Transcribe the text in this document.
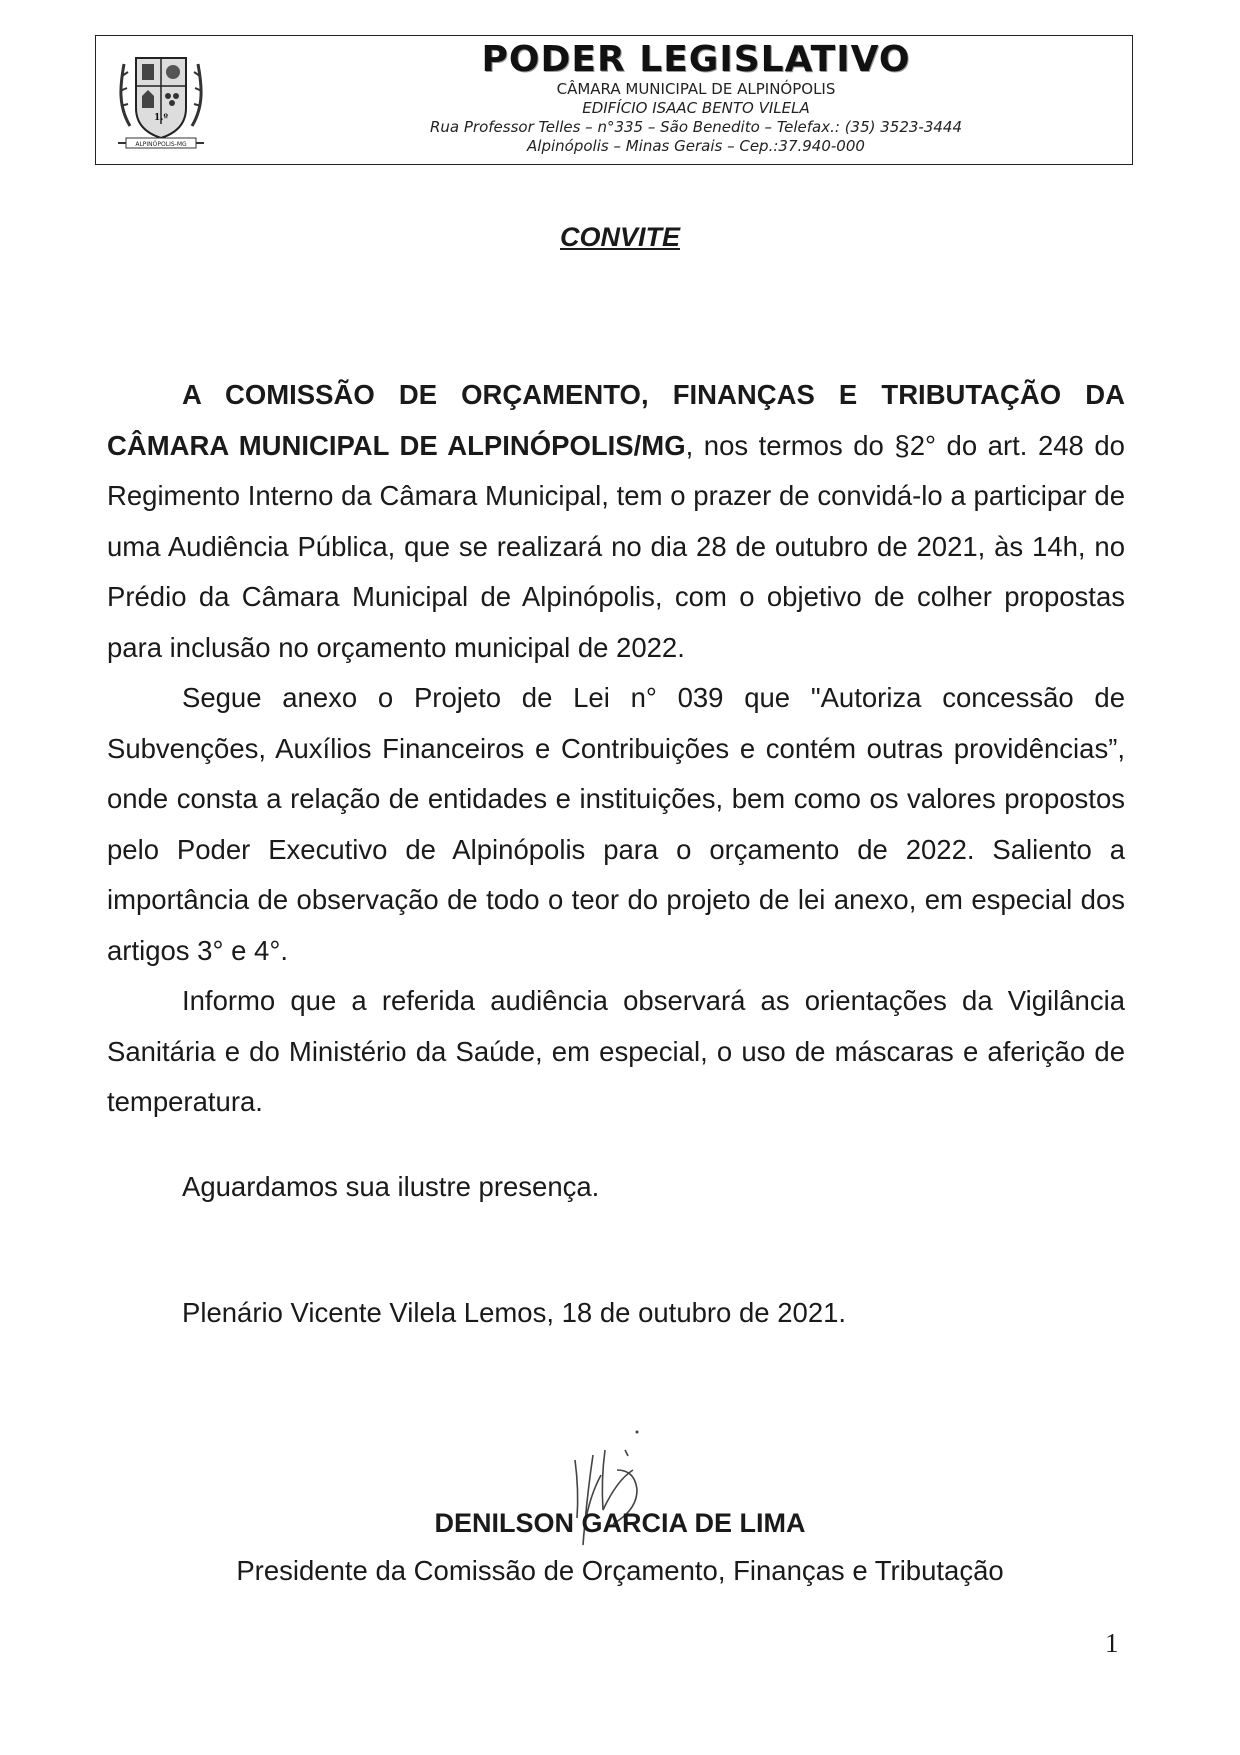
1.º
ALPINÓPOLIS-MG
PODER LEGISLATIVO
CÂMARA MUNICIPAL DE ALPINÓPOLIS
EDIFÍCIO ISAAC BENTO VILELA
Rua Professor Telles – n°335 – São Benedito – Telefax.: (35) 3523-3444
Alpinópolis – Minas Gerais – Cep.:37.940-000
CONVITE

A COMISSÃO DE ORÇAMENTO, FINANÇAS E TRIBUTAÇÃO DA CÂMARA MUNICIPAL DE ALPINÓPOLIS/MG, nos termos do §2° do art. 248 do Regimento Interno da Câmara Municipal, tem o prazer de convidá-lo a participar de uma Audiência Pública, que se realizará no dia 28 de outubro de 2021, às 14h, no Prédio da Câmara Municipal de Alpinópolis, com o objetivo de colher propostas para inclusão no orçamento municipal de 2022.

Segue anexo o Projeto de Lei n° 039 que "Autoriza concessão de Subvenções, Auxílios Financeiros e Contribuições e contém outras providências”, onde consta a relação de entidades e instituições, bem como os valores propostos pelo Poder Executivo de Alpinópolis para o orçamento de 2022. Saliento a importância de observação de todo o teor do projeto de lei anexo, em especial dos artigos 3° e 4°.

Informo que a referida audiência observará as orientações da Vigilância Sanitária e do Ministério da Saúde, em especial, o uso de máscaras e aferição de temperatura.

Aguardamos sua ilustre presença.
Plenário Vicente Vilela Lemos, 18 de outubro de 2021.
DENILSON GARCIA DE LIMA
Presidente da Comissão de Orçamento, Finanças e Tributação
1
